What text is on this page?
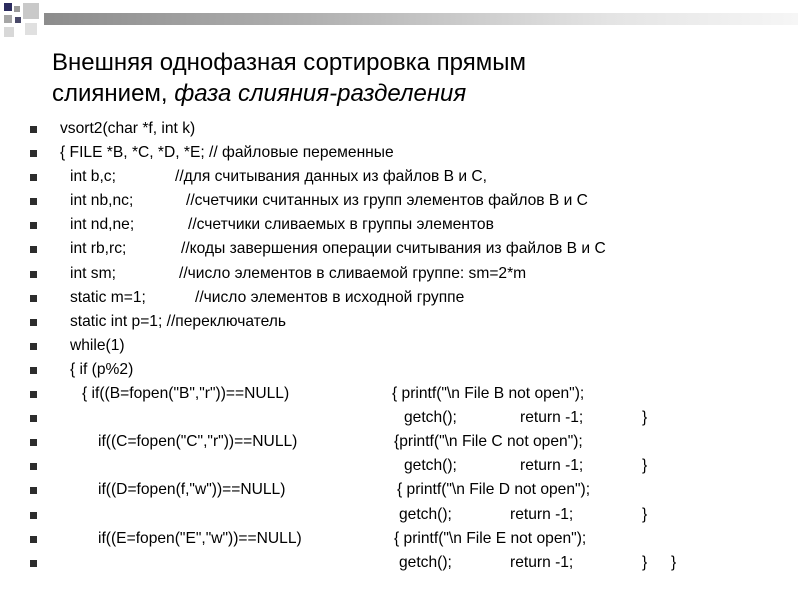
Внешняя однофазная сортировка прямым
слиянием, фаза слияния-разделения
vsort2(char *f, int k)
{ FILE *B, *C, *D, *E; // файловые переменные
int b,c;	//для считывания данных из файлов B и C,
int nb,nc;	//счетчики считанных из групп элементов файлов B и C
int nd,ne;	//счетчики сливаемых в группы элементов
int rb,rc;	//коды завершения операции считывания из файлов B и C
int sm;	//число элементов в сливаемой группе: sm=2*m
static m=1;	//число элементов в исходной группе
static int p=1; //переключатель
while(1)
{ if (p%2)
{ if((B=fopen("B","r"))==NULL)	{ printf("\n File B not open");
getch();	return -1;	}
if((C=fopen("C","r"))==NULL)	{printf("\n File C not open");
getch();	return -1;	}
if((D=fopen(f,"w"))==NULL)	{ printf("\n File D not open");
getch();	return -1;	}
if((E=fopen("E","w"))==NULL)	{ printf("\n File E not open");
getch();	return -1;	} }
